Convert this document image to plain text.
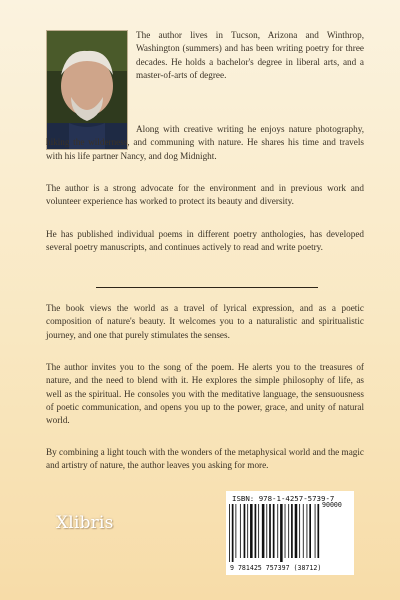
The author lives in Tucson, Arizona and Winthrop, Washington (summers) and has been writing poetry for three decades. He holds a bachelor's degree in liberal arts, and a master-of-arts of degree.

Along with creative writing he enjoys nature photography, hiking the wilderness, and communing with nature. He shares his time and travels with his life partner Nancy, and dog Midnight.

The author is a strong advocate for the environment and in previous work and volunteer experience has worked to protect its beauty and diversity.

He has published individual poems in different poetry anthologies, has developed several poetry manuscripts, and continues actively to read and write poetry.

The book views the world as a travel of lyrical expression, and as a poetic composition of nature's beauty. It welcomes you to a naturalistic and spiritualistic journey, and one that purely stimulates the senses.

The author invites you to the song of the poem. He alerts you to the treasures of nature, and the need to blend with it. He explores the simple philosophy of life, as well as the spiritual. He consoles you with the meditative language, the sensuousness of poetic communication, and opens you up to the power, grace, and unity of natural world.

By combining a light touch with the wonders of the metaphysical world and the magic and artistry of nature, the author leaves you asking for more.

ISBN: 978-1-4257-5739-7
90000
9 781425 757397 (38712)
Xlibris
